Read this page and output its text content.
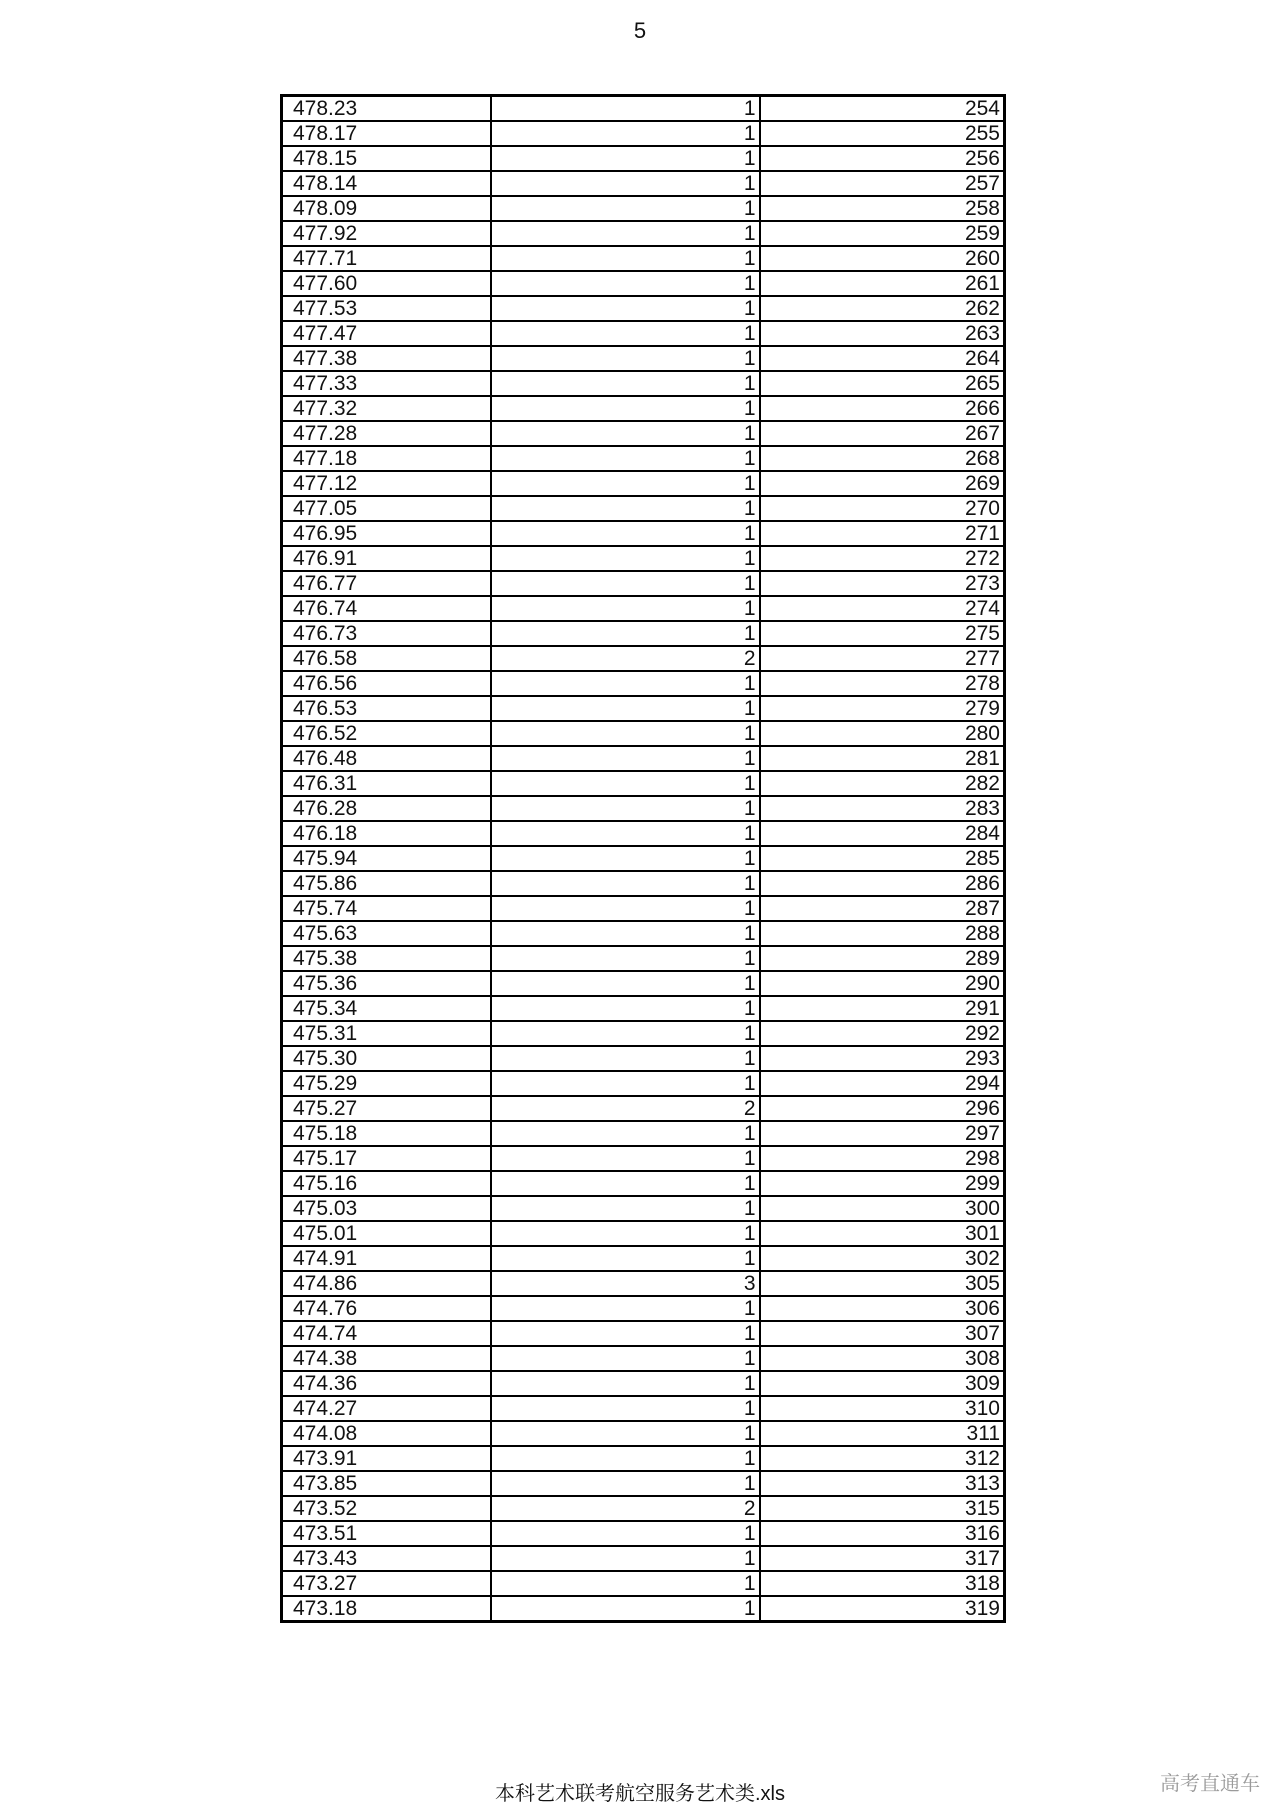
5
478.23	1	254
478.17	1	255
478.15	1	256
478.14	1	257
478.09	1	258
477.92	1	259
477.71	1	260
477.60	1	261
477.53	1	262
477.47	1	263
477.38	1	264
477.33	1	265
477.32	1	266
477.28	1	267
477.18	1	268
477.12	1	269
477.05	1	270
476.95	1	271
476.91	1	272
476.77	1	273
476.74	1	274
476.73	1	275
476.58	2	277
476.56	1	278
476.53	1	279
476.52	1	280
476.48	1	281
476.31	1	282
476.28	1	283
476.18	1	284
475.94	1	285
475.86	1	286
475.74	1	287
475.63	1	288
475.38	1	289
475.36	1	290
475.34	1	291
475.31	1	292
475.30	1	293
475.29	1	294
475.27	2	296
475.18	1	297
475.17	1	298
475.16	1	299
475.03	1	300
475.01	1	301
474.91	1	302
474.86	3	305
474.76	1	306
474.74	1	307
474.38	1	308
474.36	1	309
474.27	1	310
474.08	1	311
473.91	1	312
473.85	1	313
473.52	2	315
473.51	1	316
473.43	1	317
473.27	1	318
473.18	1	319
本科艺术联考航空服务艺术类.xls	高考直通车
